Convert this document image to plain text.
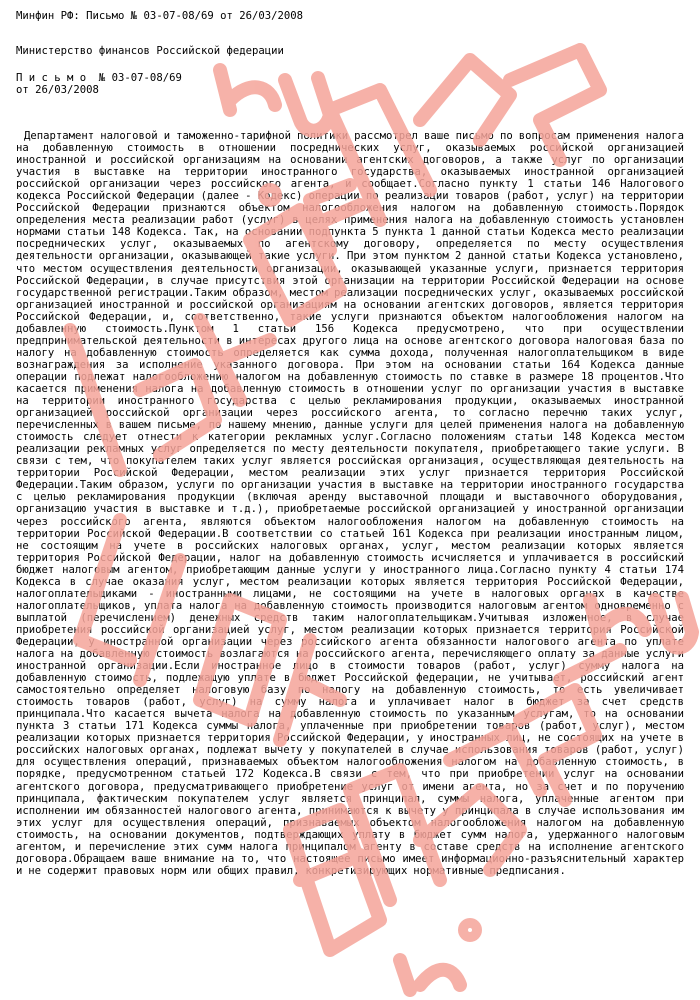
Минфин РФ: Письмо № 03-07-08/69 от 26/03/2008
Министерство финансов Российской федерации
П и с ь м о  № 03-07-08/69
от 26/03/2008
Департамент налоговой и таможенно-тарифной политики рассмотрел ваше письмо по вопросам применения налога на добавленную стоимость в отношении посреднических услуг, оказываемых российской организацией иностранной и российской организациям на основании агентских договоров, а также услуг по организации участия в выставке на территории иностранного государства, оказываемых иностранной организацией российской организации через российского агента, и сообщает.Согласно пункту 1 статьи 146 Налогового кодекса Российской Федерации (далее - Кодекс) операции по реализации товаров (работ, услуг) на территории Российской Федерации признаются объектом налогообложения налогом на добавленную стоимость.Порядок определения места реализации работ (услуг) в целях применения налога на добавленную стоимость установлен нормами статьи 148 Кодекса. Так, на основании подпункта 5 пункта 1 данной статьи Кодекса место реализации посреднических услуг, оказываемых по агентскому договору, определяется по месту осуществления деятельности организации, оказывающей такие услуги. При этом пунктом 2 данной статьи Кодекса установлено, что местом осуществления деятельности организации, оказывающей указанные услуги, признается территория Российской Федерации, в случае присутствия этой организации на территории Российской Федерации на основе государственной регистрации.Таким образом, местом реализации посреднических услуг, оказываемых российской организацией иностранной и российской организациям на основании агентских договоров, является территория Российской Федерации, и, соответственно, такие услуги признаются объектом налогообложения налогом на добавленную стоимость.Пунктом 1 статьи 156 Кодекса предусмотрено, что при осуществлении предпринимательской деятельности в интересах другого лица на основе агентского договора налоговая база по налогу на добавленную стоимость определяется как сумма дохода, полученная налогоплательщиком в виде вознаграждения за исполнение указанного договора. При этом на основании статьи 164 Кодекса данные операции подлежат налогообложению налогом на добавленную стоимость по ставке в размере 18 процентов.Что касается применения налога на добавленную стоимость в отношении услуг по организации участия в выставке на территории иностранного государства с целью рекламирования продукции, оказываемых иностранной организацией российской организации через российского агента, то согласно перечню таких услуг, перечисленных в вашем письме, по нашему мнению, данные услуги для целей применения налога на добавленную стоимость следует отнести к категории рекламных услуг.Согласно положениям статьи 148 Кодекса местом реализации рекламных услуг определяется по месту деятельности покупателя, приобретающего такие услуги. В связи с тем, что покупателем таких услуг является российская организация, осуществляющая деятельность на территории Российской Федерации, местом реализации этих услуг признается территория Российской Федерации.Таким образом, услуги по организации участия в выставке на территории иностранного государства с целью рекламирования продукции (включая аренду выставочной площади и выставочного оборудования, организацию участия в выставке и т.д.), приобретаемые российской организацией у иностранной организации через российского агента, являются объектом налогообложения налогом на добавленную стоимость на территории Российской Федерации.В соответствии со статьей 161 Кодекса при реализации иностранным лицом, не состоящим на учете в российских налоговых органах, услуг, местом реализации которых является территория Российской Федерации, налог на добавленную стоимость исчисляется и уплачивается в российский бюджет налоговым агентом, приобретающим данные услуги у иностранного лица.Согласно пункту 4 статьи 174 Кодекса в случае оказания услуг, местом реализации которых является территория Российской Федерации, налогоплательщиками - иностранными лицами, не состоящими на учете в налоговых органах в качестве налогоплательщиков, уплата налога на добавленную стоимость производится налоговым агентом одновременно с выплатой (перечислением) денежных средств таким налогоплательщикам.Учитывая изложенное, в случае приобретения российской организацией услуг, местом реализации которых признается территория Российской Федерации, у иностранной организации через российского агента обязанности налогового агента по уплате налога на добавленную стоимость возлагаются на российского агента, перечисляющего оплату за данные услуги иностранной организации.Если иностранное лицо в стоимости товаров (работ, услуг) сумму налога на добавленную стоимость, подлежащую уплате в бюджет Российской федерации, не учитывает, российский агент самостоятельно определяет налоговую базу по налогу на добавленную стоимость, то есть увеличивает стоимость товаров (работ, услуг) на сумму налога и уплачивает налог в бюджет за счет средств принципала.Что касается вычета налога на добавленную стоимость по указанным услугам, то на основании пункта 3 статьи 171 Кодекса суммы налога, уплаченные при приобретении товаров (работ, услуг), местом реализации которых признается территория Российской Федерации, у иностранных лиц, не состоящих на учете в российских налоговых органах, подлежат вычету у покупателей в случае использования товаров (работ, услуг) для осуществления операций, признаваемых объектом налогообложения налогом на добавленную стоимость, в порядке, предусмотренном статьей 172 Кодекса.В связи с тем, что при приобретении услуг на основании агентского договора, предусматривающего приобретение услуг от имени агента, но за счет и по поручению принципала, фактическим покупателем услуг является принципал, суммы налога, уплаченные агентом при исполнении им обязанностей налогового агента, принимаются к вычету у принципала в случае использования им этих услуг для осуществления операций, признаваемых объектом налогообложения налогом на добавленную стоимость, на основании документов, подтверждающих уплату в бюджет сумм налога, удержанного налоговым агентом, и перечисление этих сумм налога принципалом агенту в составе средств на исполнение агентского договора.Обращаем ваше внимание на то, что настоящее письмо имеет информационно-разъяснительный характер и не содержит правовых норм или общих правил, конкретизирующих нормативные предписания.
